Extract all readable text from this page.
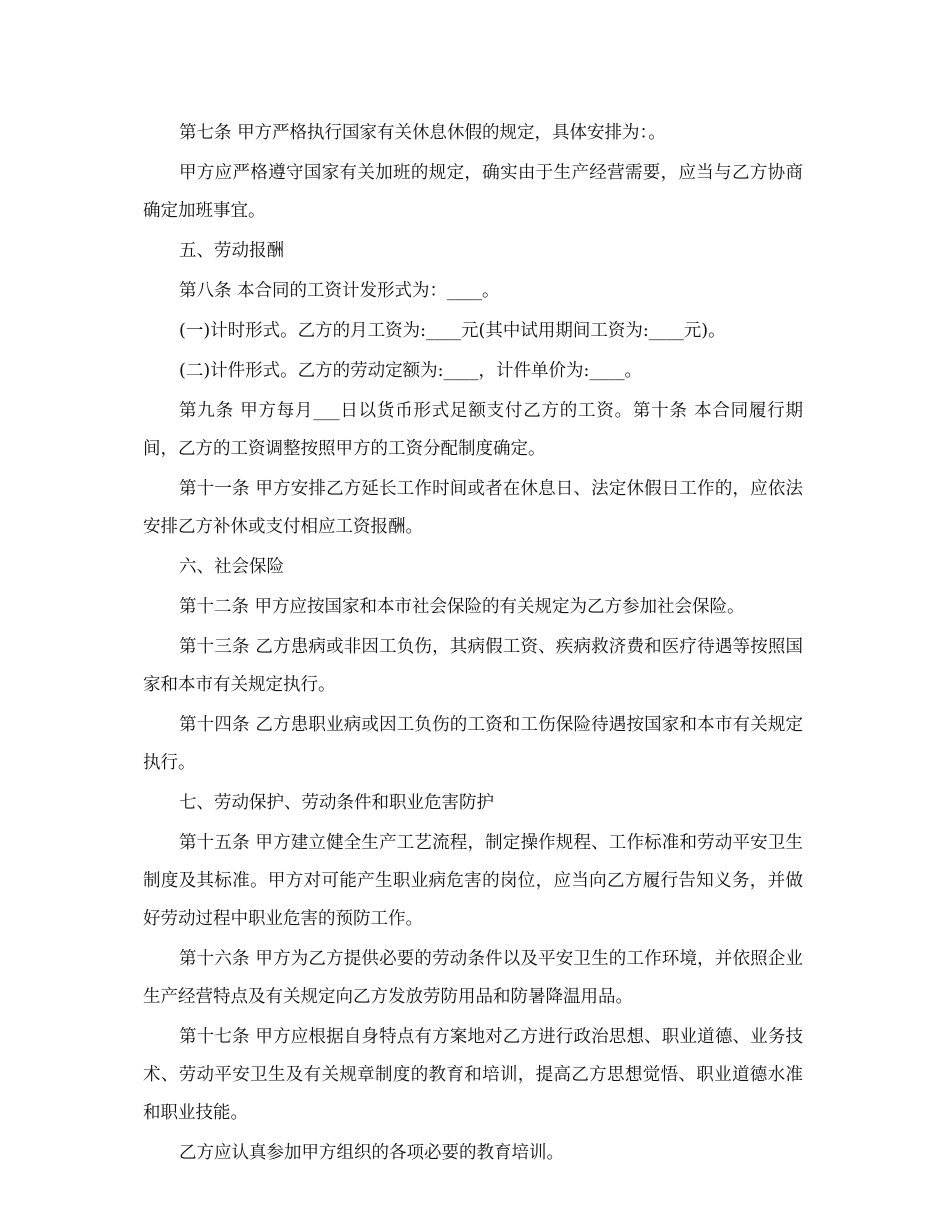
第七条 甲方严格执行国家有关休息休假的规定，具体安排为：。

甲方应严格遵守国家有关加班的规定，确实由于生产经营需要，应当与乙方协商确定加班事宜。

五、劳动报酬

第八条 本合同的工资计发形式为：____。

(一)计时形式。乙方的月工资为:____元(其中试用期间工资为:____元)。

(二)计件形式。乙方的劳动定额为:____，计件单价为:____。

第九条 甲方每月___日以货币形式足额支付乙方的工资。第十条 本合同履行期间，乙方的工资调整按照甲方的工资分配制度确定。

第十一条 甲方安排乙方延长工作时间或者在休息日、法定休假日工作的，应依法安排乙方补休或支付相应工资报酬。

六、社会保险

第十二条 甲方应按国家和本市社会保险的有关规定为乙方参加社会保险。

第十三条 乙方患病或非因工负伤，其病假工资、疾病救济费和医疗待遇等按照国家和本市有关规定执行。

第十四条 乙方患职业病或因工负伤的工资和工伤保险待遇按国家和本市有关规定执行。

七、劳动保护、劳动条件和职业危害防护

第十五条 甲方建立健全生产工艺流程，制定操作规程、工作标准和劳动平安卫生制度及其标准。甲方对可能产生职业病危害的岗位，应当向乙方履行告知义务，并做好劳动过程中职业危害的预防工作。

第十六条 甲方为乙方提供必要的劳动条件以及平安卫生的工作环境，并依照企业生产经营特点及有关规定向乙方发放劳防用品和防暑降温用品。

第十七条 甲方应根据自身特点有方案地对乙方进行政治思想、职业道德、业务技术、劳动平安卫生及有关规章制度的教育和培训，提高乙方思想觉悟、职业道德水准和职业技能。

乙方应认真参加甲方组织的各项必要的教育培训。
